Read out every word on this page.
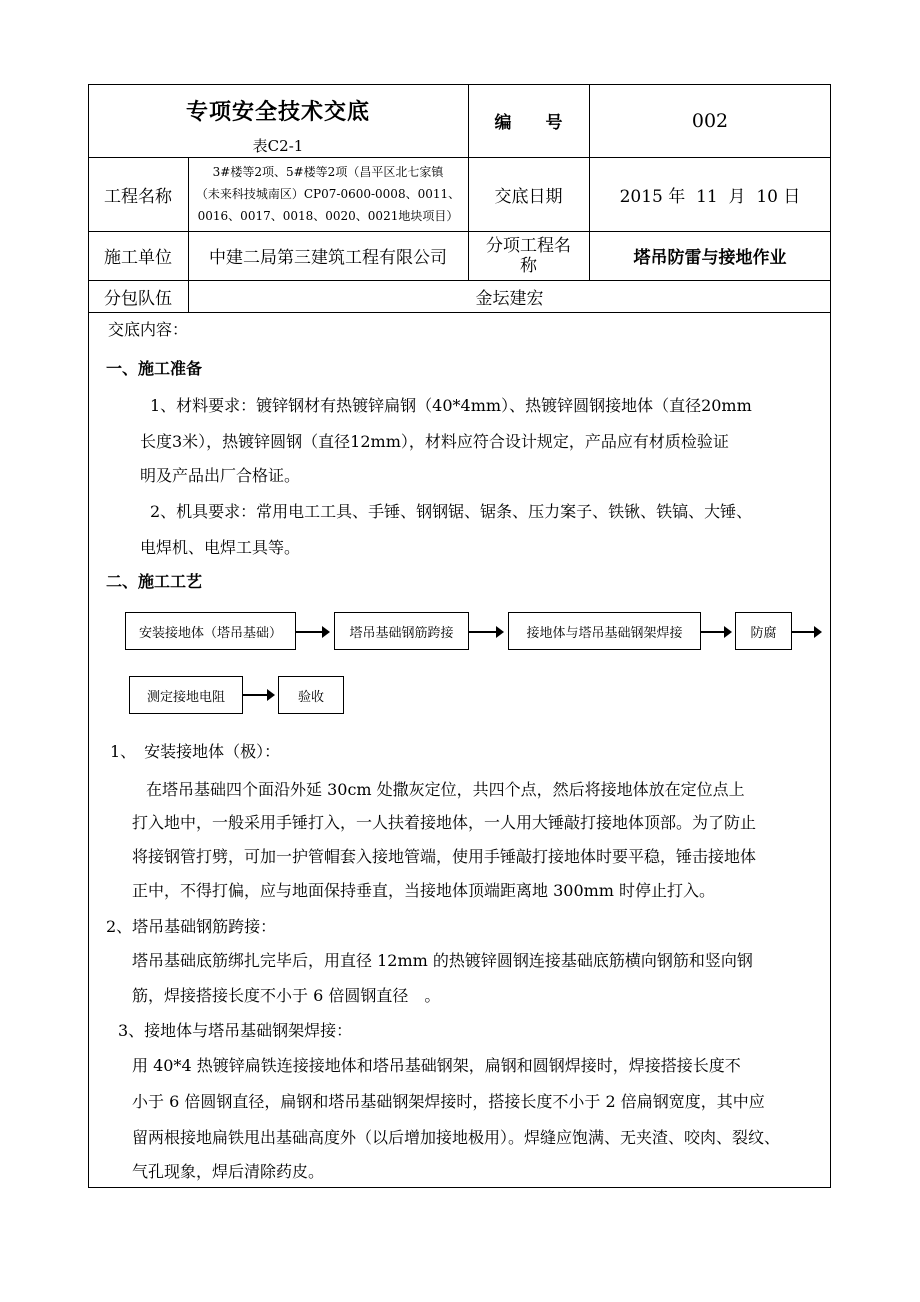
专项安全技术交底
表C2-1
编　　号	002
工程名称
3#楼等2项、5#楼等2项（昌平区北七家镇
（未来科技城南区）CP07-0600-0008、0011、
0016、0017、0018、0020、0021地块项目）
交底日期	2015 年  11  月  10 日
施工单位	中建二局第三建筑工程有限公司
分项工程名
称	塔吊防雷与接地作业
分包队伍	金坛建宏
交底内容：
一、施工准备
1、材料要求：镀锌钢材有热镀锌扁钢（40*4mm）、热镀锌圆钢接地体（直径20mm
长度3米），热镀锌圆钢（直径12mm），材料应符合设计规定，产品应有材质检验证
明及产品出厂合格证。
2、机具要求：常用电工工具、手锤、钢钢锯、锯条、压力案子、铁锹、铁镐、大锤、
电焊机、电焊工具等。
二、施工工艺
安装接地体（塔吊基础）	塔吊基础钢筋跨接	接地体与塔吊基础钢架焊接	防腐
测定接地电阻	验收
1、　安装接地体（极）：
在塔吊基础四个面沿外延 30cm 处撒灰定位，共四个点，然后将接地体放在定位点上
打入地中，一般采用手锤打入，一人扶着接地体，一人用大锤敲打接地体顶部。为了防止
将接钢管打劈，可加一护管帽套入接地管端，使用手锤敲打接地体时要平稳，锤击接地体
正中，不得打偏，应与地面保持垂直，当接地体顶端距离地 300mm 时停止打入。
2、塔吊基础钢筋跨接：
塔吊基础底筋绑扎完毕后，用直径 12mm 的热镀锌圆钢连接基础底筋横向钢筋和竖向钢
筋，焊接搭接长度不小于 6 倍圆钢直径　。
3、接地体与塔吊基础钢架焊接：
用 40*4 热镀锌扁铁连接接地体和塔吊基础钢架，扁钢和圆钢焊接时，焊接搭接长度不
小于 6 倍圆钢直径，扁钢和塔吊基础钢架焊接时，搭接长度不小于 2 倍扁钢宽度，其中应
留两根接地扁铁甩出基础高度外（以后增加接地极用）。焊缝应饱满、无夹渣、咬肉、裂纹、
气孔现象，焊后清除药皮。
